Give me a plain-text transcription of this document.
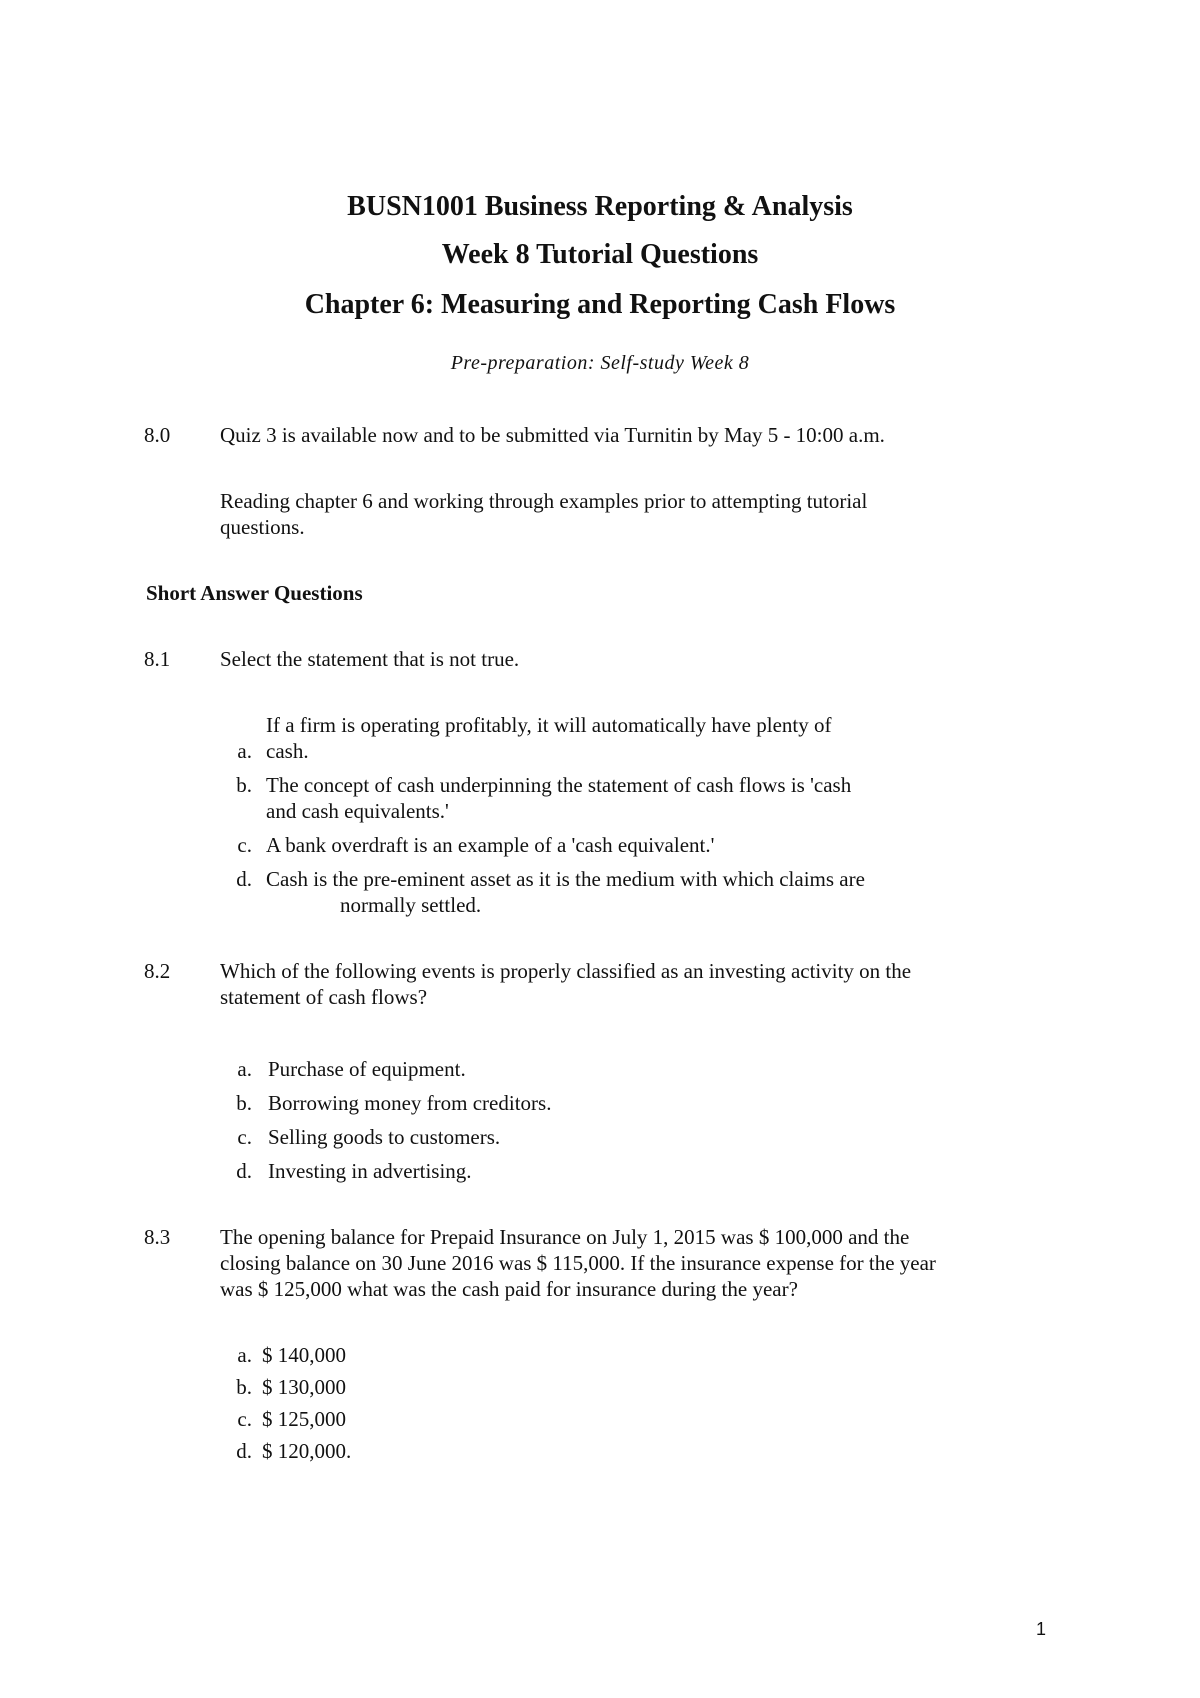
BUSN1001 Business Reporting & Analysis
Week 8 Tutorial Questions
Chapter 6: Measuring and Reporting Cash Flows
Pre-preparation: Self-study Week 8
8.0 Quiz 3 is available now and to be submitted via Turnitin by May 5 - 10:00 a.m.
Reading chapter 6 and working through examples prior to attempting tutorial
questions.
Short Answer Questions
8.1 Select the statement that is not true.
If a firm is operating profitably, it will automatically have plenty of
a. cash.
b. The concept of cash underpinning the statement of cash flows is 'cash
and cash equivalents.'
c. A bank overdraft is an example of a 'cash equivalent.'
d. Cash is the pre-eminent asset as it is the medium with which claims are
normally settled.
8.2 Which of the following events is properly classified as an investing activity on the
statement of cash flows?
a. Purchase of equipment.
b. Borrowing money from creditors.
c. Selling goods to customers.
d. Investing in advertising.
8.3 The opening balance for Prepaid Insurance on July 1, 2015 was $ 100,000 and the
closing balance on 30 June 2016 was $ 115,000. If the insurance expense for the year
was $ 125,000 what was the cash paid for insurance during the year?
a. $ 140,000
b. $ 130,000
c. $ 125,000
d. $ 120,000.
1
